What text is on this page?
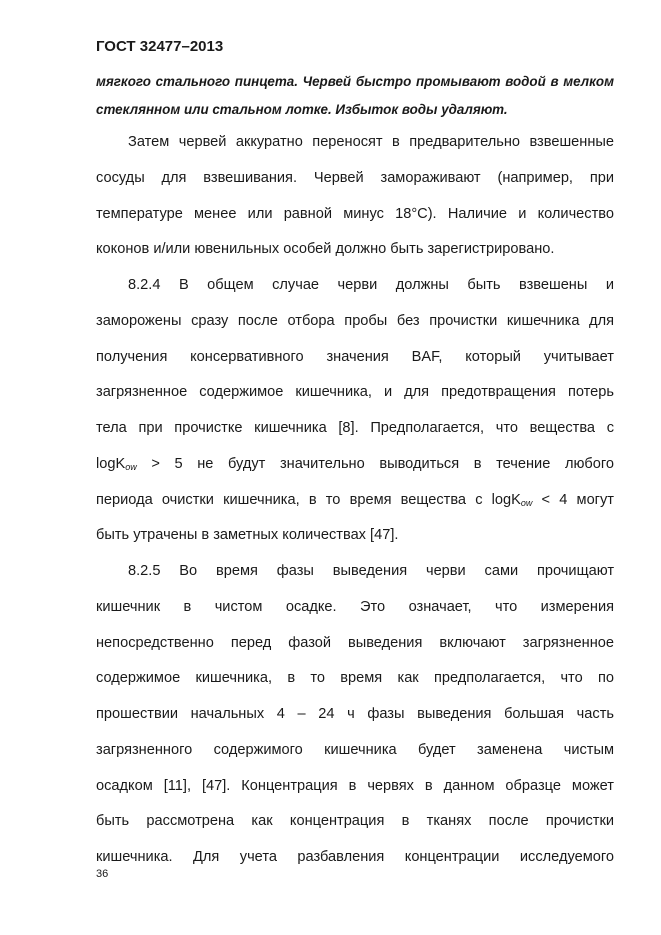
ГОСТ 32477–2013
мягкого стального пинцета. Червей быстро промывают водой в мелком
стеклянном или стальном лотке. Избыток воды удаляют.
Затем червей аккуратно переносят в предварительно взвешенные
сосуды для взвешивания. Червей замораживают (например, при
температуре менее или равной минус 18°С). Наличие и количество
коконов и/или ювенильных особей должно быть зарегистрировано.
8.2.4 В общем случае черви должны быть взвешены и
заморожены сразу после отбора пробы без прочистки кишечника для
получения консервативного значения BAF, который учитывает
загрязненное содержимое кишечника, и для предотвращения потерь
тела при прочистке кишечника [8]. Предполагается, что вещества с
logK$_{ow}$ > 5 не будут значительно выводиться в течение любого
периода очистки кишечника, в то время вещества с logK$_{ow}$ < 4 могут
быть утрачены в заметных количествах [47].
8.2.5 Во время фазы выведения черви сами прочищают
кишечник в чистом осадке. Это означает, что измерения
непосредственно перед фазой выведения включают загрязненное
содержимое кишечника, в то время как предполагается, что по
прошествии начальных 4 – 24 ч фазы выведения большая часть
загрязненного содержимого кишечника будет заменена чистым
осадком [11], [47]. Концентрация в червях в данном образце может
быть рассмотрена как концентрация в тканях после прочистки
кишечника. Для учета разбавления концентрации исследуемого
36
